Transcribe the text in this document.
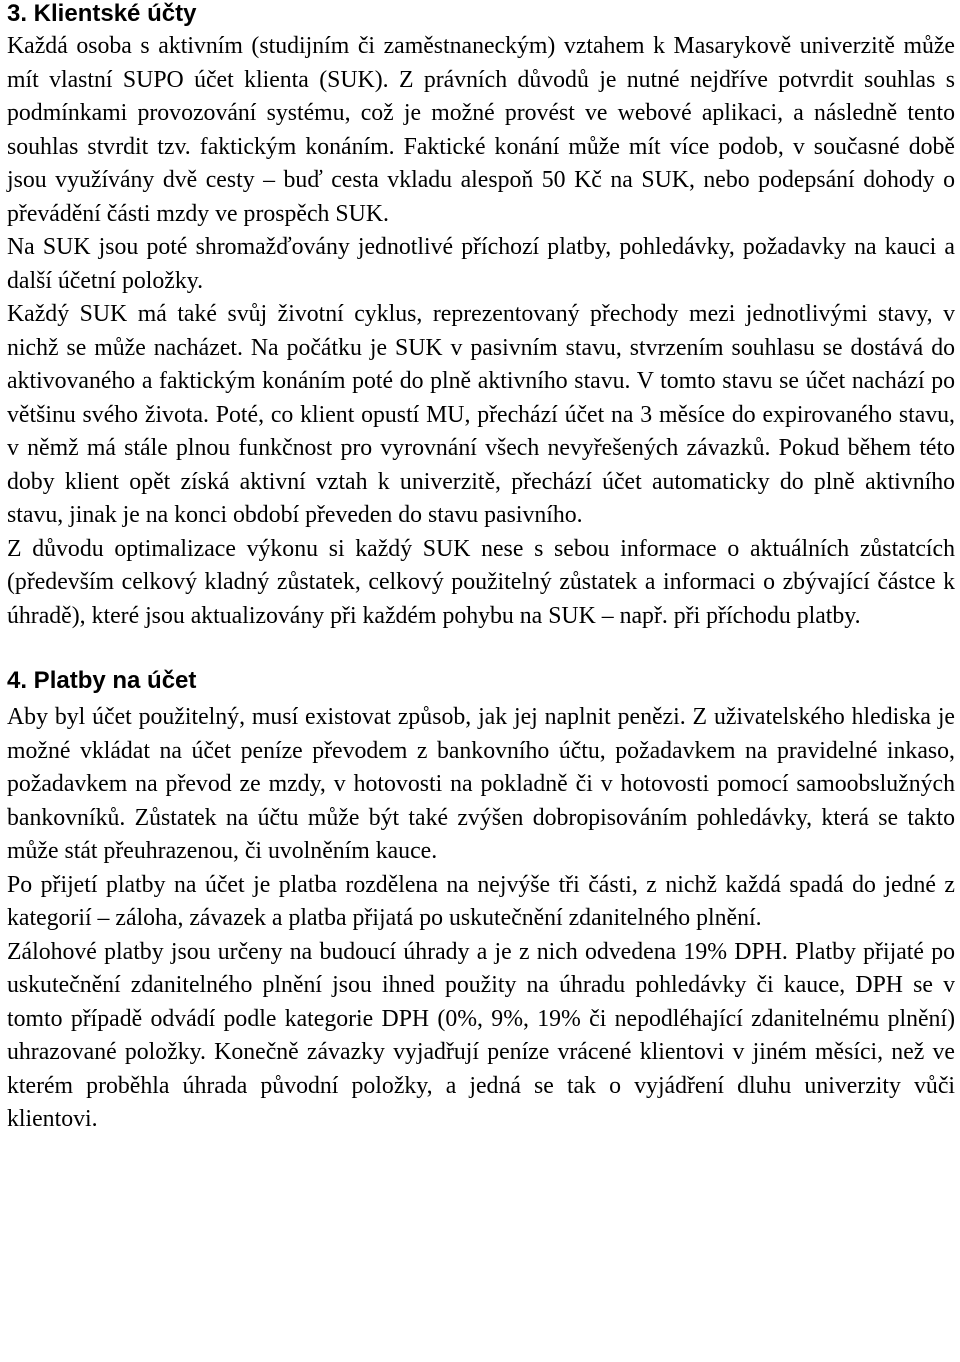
3. Klientské účty

Každá osoba s aktivním (studijním či zaměstnaneckým) vztahem k Masarykově univerzitě může mít vlastní SUPO účet klienta (SUK). Z právních důvodů je nutné nejdříve potvrdit souhlas s podmínkami provozování systému, což je možné provést ve webové aplikaci, a následně tento souhlas stvrdit tzv. faktickým konáním. Faktické konání může mít více podob, v současné době jsou využívány dvě cesty – buď cesta vkladu alespoň 50 Kč na SUK, nebo podepsání dohody o převádění části mzdy ve prospěch SUK.

Na SUK jsou poté shromažďovány jednotlivé příchozí platby, pohledávky, požadavky na kauci a další účetní položky.

Každý SUK má také svůj životní cyklus, reprezentovaný přechody mezi jednotlivými stavy, v nichž se může nacházet. Na počátku je SUK v pasivním stavu, stvrzením souhlasu se dostává do aktivovaného a faktickým konáním poté do plně aktivního stavu. V tomto stavu se účet nachází po většinu svého života. Poté, co klient opustí MU, přechází účet na 3 měsíce do expirovaného stavu, v němž má stále plnou funkčnost pro vyrovnání všech nevyřešených závazků. Pokud během této doby klient opět získá aktivní vztah k univerzitě, přechází účet automaticky do plně aktivního stavu, jinak je na konci období převeden do stavu pasivního.

Z důvodu optimalizace výkonu si každý SUK nese s sebou informace o aktuálních zůstatcích (především celkový kladný zůstatek, celkový použitelný zůstatek a informaci o zbývající částce k úhradě), které jsou aktualizovány při každém pohybu na SUK – např. při příchodu platby.

4. Platby na účet

Aby byl účet použitelný, musí existovat způsob, jak jej naplnit penězi. Z uživatelského hlediska je možné vkládat na účet peníze převodem z bankovního účtu, požadavkem na pravidelné inkaso, požadavkem na převod ze mzdy, v hotovosti na pokladně či v hotovosti pomocí samoobslužných bankovníků. Zůstatek na účtu může být také zvýšen dobropisováním pohledávky, která se takto může stát přeuhrazenou, či uvolněním kauce.

Po přijetí platby na účet je platba rozdělena na nejvýše tři části, z nichž každá spadá do jedné z kategorií – záloha, závazek a platba přijatá po uskutečnění zdanitelného plnění.

Zálohové platby jsou určeny na budoucí úhrady a je z nich odvedena 19% DPH. Platby přijaté po uskutečnění zdanitelného plnění jsou ihned použity na úhradu pohledávky či kauce, DPH se v tomto případě odvádí podle kategorie DPH (0%, 9%, 19% či nepodléhající zdanitelnému plnění) uhrazované položky. Konečně závazky vyjadřují peníze vrácené klientovi v jiném měsíci, než ve kterém proběhla úhrada původní položky, a jedná se tak o vyjádření dluhu univerzity vůči klientovi.
